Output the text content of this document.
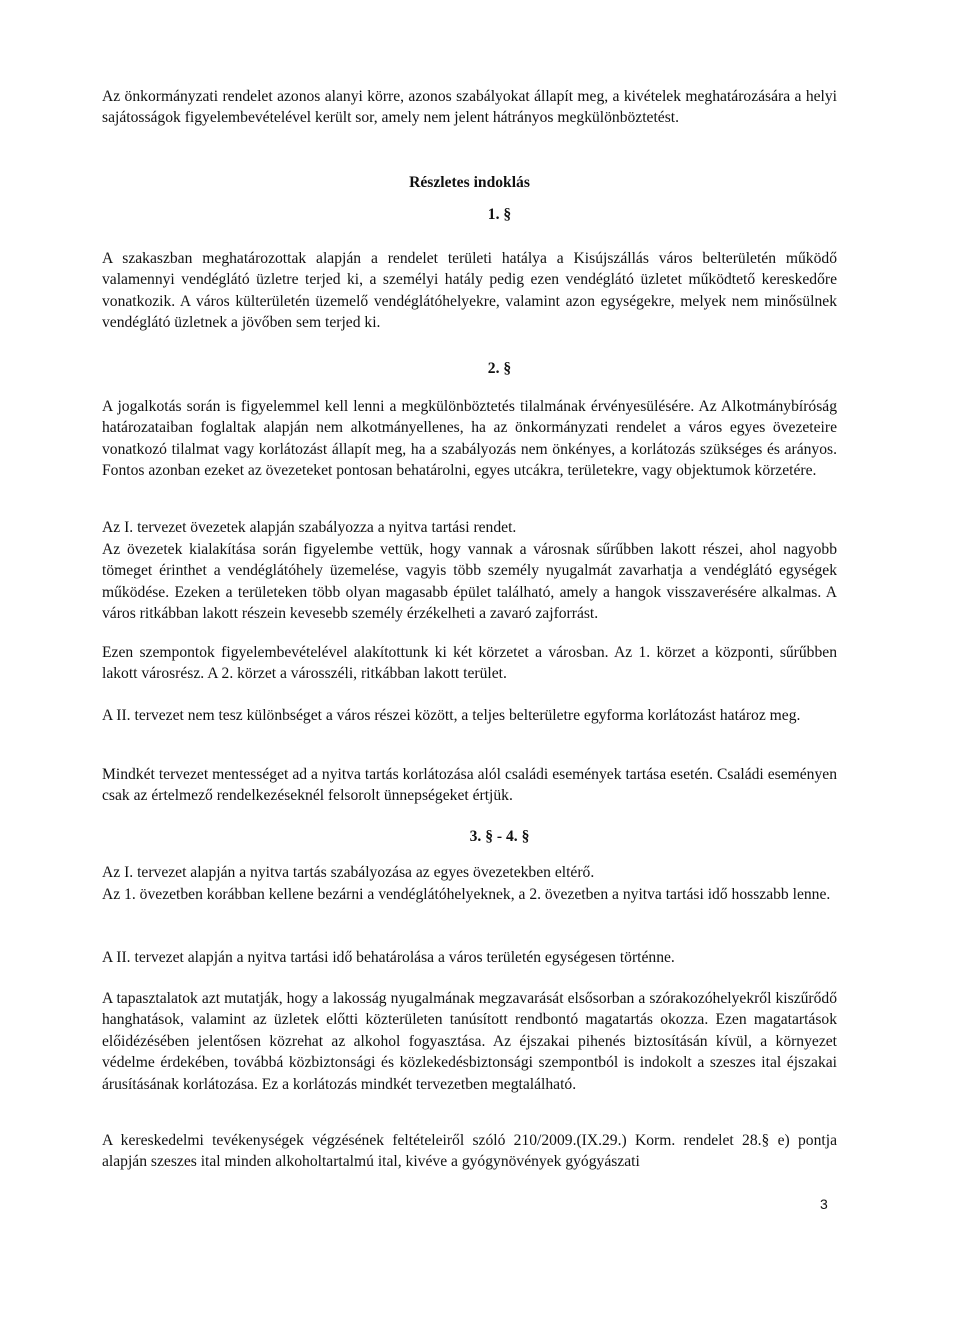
Az önkormányzati rendelet azonos alanyi körre, azonos szabályokat állapít meg, a kivételek meghatározására a helyi sajátosságok figyelembevételével került sor, amely nem jelent hátrányos megkülönböztetést.
Részletes indoklás
1. §
A szakaszban meghatározottak alapján a rendelet területi hatálya a Kisújszállás város belterületén működő valamennyi vendéglátó üzletre terjed ki, a személyi hatály pedig ezen vendéglátó üzletet működtető kereskedőre vonatkozik. A város külterületén üzemelő vendéglátóhelyekre, valamint azon egységekre, melyek nem minősülnek vendéglátó üzletnek a jövőben sem terjed ki.
2. §
A jogalkotás során is figyelemmel kell lenni a megkülönböztetés tilalmának érvényesülésére. Az Alkotmánybíróság határozataiban foglaltak alapján nem alkotmányellenes, ha az önkormányzati rendelet a város egyes övezeteire vonatkozó tilalmat vagy korlátozást állapít meg, ha a szabályozás nem önkényes, a korlátozás szükséges és arányos. Fontos azonban ezeket az övezeteket pontosan behatárolni, egyes utcákra, területekre, vagy objektumok körzetére.
Az I. tervezet övezetek alapján szabályozza a nyitva tartási rendet.
Az övezetek kialakítása során figyelembe vettük, hogy vannak a városnak sűrűbben lakott részei, ahol nagyobb tömeget érinthet a vendéglátóhely üzemelése, vagyis több személy nyugalmát zavarhatja a vendéglátó egységek működése. Ezeken a területeken több olyan magasabb épület található, amely a hangok visszaverésére alkalmas. A város ritkábban lakott részein kevesebb személy érzékelheti a zavaró zajforrást.
Ezen szempontok figyelembevételével alakítottunk ki két körzetet a városban. Az 1. körzet a központi, sűrűbben lakott városrész. A 2. körzet a városszéli, ritkábban lakott terület.
A II. tervezet nem tesz különbséget a város részei között, a teljes belterületre egyforma korlátozást határoz meg.
Mindkét tervezet mentességet ad a nyitva tartás korlátozása alól családi események tartása esetén. Családi eseményen csak az értelmező rendelkezéseknél felsorolt ünnepségeket értjük.
3. § - 4. §
Az I. tervezet alapján a nyitva tartás szabályozása az egyes övezetekben eltérő.
Az 1. övezetben korábban kellene bezárni a vendéglátóhelyeknek, a 2. övezetben a nyitva tartási idő hosszabb lenne.
A II. tervezet alapján a nyitva tartási idő behatárolása a város területén egységesen történne.
A tapasztalatok azt mutatják, hogy a lakosság nyugalmának megzavarását elsősorban a szórakozóhelyekről kiszűrődő hanghatások, valamint az üzletek előtti közterületen tanúsított rendbontó magatartás okozza. Ezen magatartások előidézésében jelentősen közrehat az alkohol fogyasztása. Az éjszakai pihenés biztosításán kívül, a környezet védelme érdekében, továbbá közbiztonsági és közlekedésbiztonsági szempontból is indokolt a szeszes ital éjszakai árusításának korlátozása. Ez a korlátozás mindkét tervezetben megtalálható.
A kereskedelmi tevékenységek végzésének feltételeiről szóló 210/2009.(IX.29.) Korm. rendelet 28.§ e) pontja alapján szeszes ital minden alkoholtartalmú ital, kivéve a gyógynövények gyógyászati
3
